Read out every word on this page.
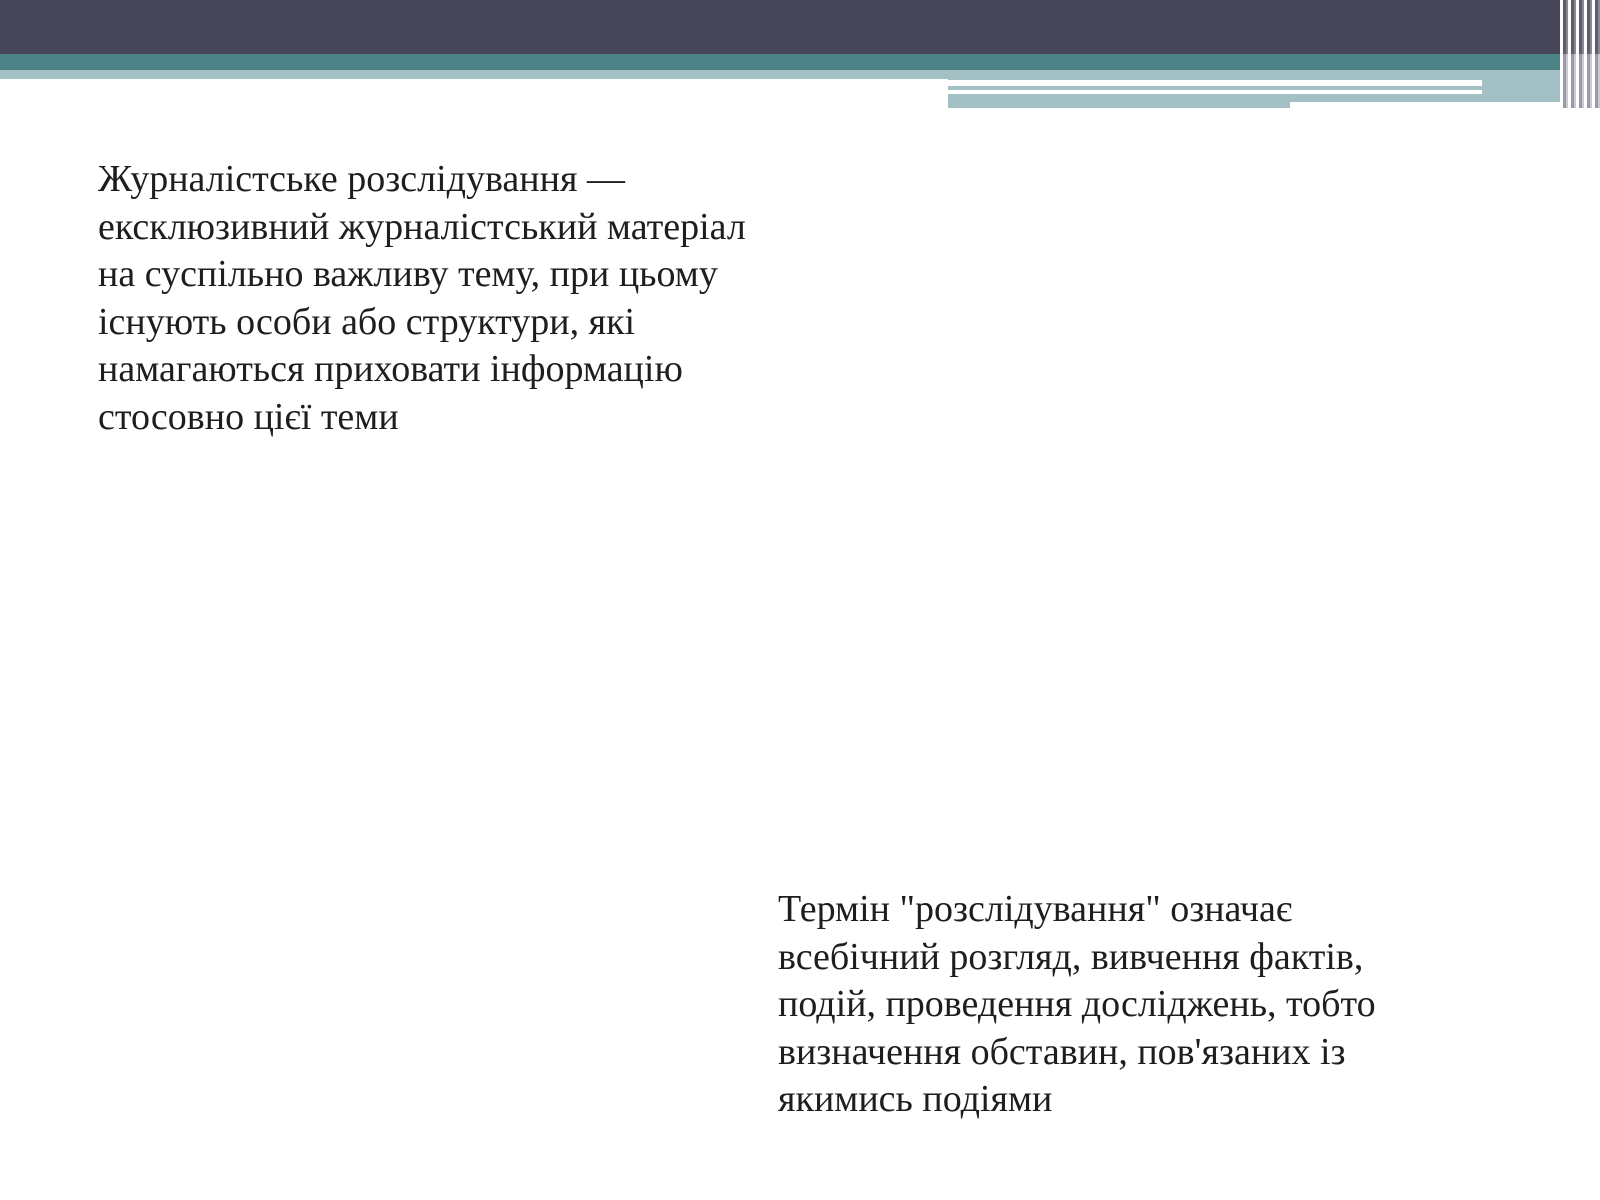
Журналістське розслідування —
ексклюзивний журналістський матеріал
на суспільно важливу тему, при цьому
існують особи або структури, які
намагаються приховати інформацію
стосовно цієї теми
Термін "розслідування" означає
всебічний розгляд, вивчення фактів,
подій, проведення досліджень, тобто
визначення обставин, пов'язаних із
якимись подіями
